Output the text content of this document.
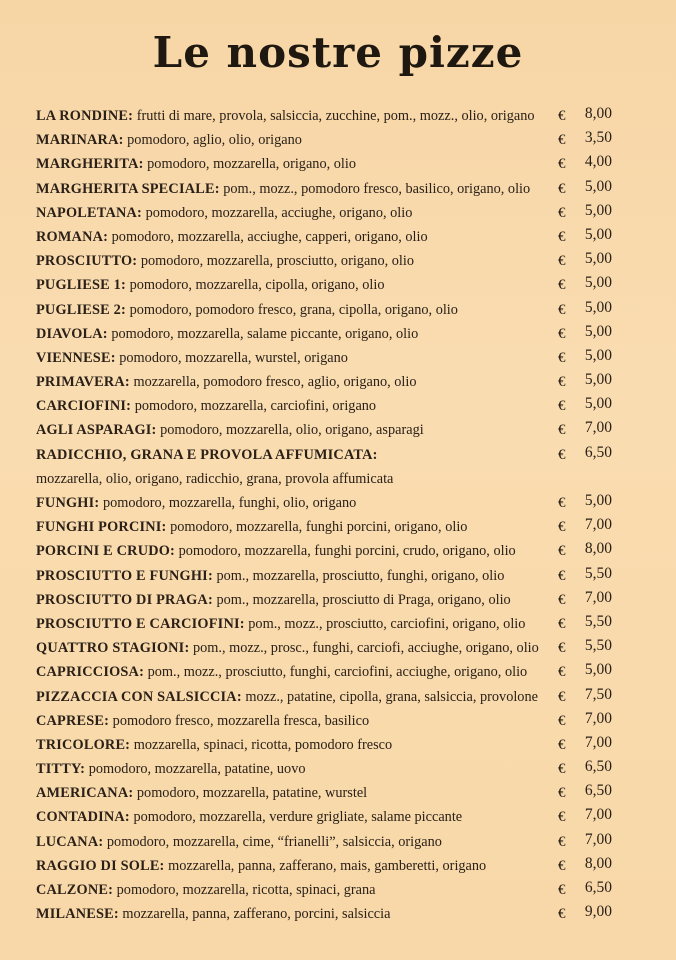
Le nostre pizze
LA RONDINE: frutti di mare, provola, salsiccia, zucchine, pom., mozz., olio, origano € 8,00
MARINARA: pomodoro, aglio, olio, origano	€ 3,50
MARGHERITA: pomodoro, mozzarella, origano, olio	€ 4,00
MARGHERITA SPECIALE: pom., mozz., pomodoro fresco, basilico, origano, olio € 5,00
NAPOLETANA: pomodoro, mozzarella, acciughe, origano, olio	€ 5,00
ROMANA: pomodoro, mozzarella, acciughe, capperi, origano, olio	€ 5,00
PROSCIUTTO: pomodoro, mozzarella, prosciutto, origano, olio	€ 5,00
PUGLIESE 1: pomodoro, mozzarella, cipolla, origano, olio	€ 5,00
PUGLIESE 2: pomodoro, pomodoro fresco, grana, cipolla, origano, olio	€ 5,00
DIAVOLA: pomodoro, mozzarella, salame piccante, origano, olio	€ 5,00
VIENNESE: pomodoro, mozzarella, wurstel, origano	€ 5,00
PRIMAVERA: mozzarella, pomodoro fresco, aglio, origano, olio	€ 5,00
CARCIOFINI: pomodoro, mozzarella, carciofini, origano	€ 5,00
AGLI ASPARAGI: pomodoro, mozzarella, olio, origano, asparagi	€ 7,00
RADICCHIO, GRANA E PROVOLA AFFUMICATA:	€ 6,50
mozzarella, olio, origano, radicchio, grana, provola affumicata
FUNGHI: pomodoro, mozzarella, funghi, olio, origano	€ 5,00
FUNGHI PORCINI: pomodoro, mozzarella, funghi porcini, origano, olio	€ 7,00
PORCINI E CRUDO: pomodoro, mozzarella, funghi porcini, crudo, origano, olio	€ 8,00
PROSCIUTTO E FUNGHI: pom., mozzarella, prosciutto, funghi, origano, olio	€ 5,50
PROSCIUTTO DI PRAGA: pom., mozzarella, prosciutto di Praga, origano, olio	€ 7,00
PROSCIUTTO E CARCIOFINI: pom., mozz., prosciutto, carciofini, origano, olio € 5,50
QUATTRO STAGIONI: pom., mozz., prosc., funghi, carciofi, acciughe, origano, olio € 5,50
CAPRICCIOSA: pom., mozz., prosciutto, funghi, carciofini, acciughe, origano, olio € 5,00
PIZZACCIA CON SALSICCIA: mozz., patatine, cipolla, grana, salsiccia, provolone € 7,50
CAPRESE: pomodoro fresco, mozzarella fresca, basilico	€ 7,00
TRICOLORE: mozzarella, spinaci, ricotta, pomodoro fresco	€ 7,00
TITTY: pomodoro, mozzarella, patatine, uovo	€ 6,50
AMERICANA: pomodoro, mozzarella, patatine, wurstel	€ 6,50
CONTADINA: pomodoro, mozzarella, verdure grigliate, salame piccante	€ 7,00
LUCANA: pomodoro, mozzarella, cime, “frianelli”, salsiccia, origano	€ 7,00
RAGGIO DI SOLE: mozzarella, panna, zafferano, mais, gamberetti, origano	€ 8,00
CALZONE: pomodoro, mozzarella, ricotta, spinaci, grana	€ 6,50
MILANESE: mozzarella, panna, zafferano, porcini, salsiccia	€ 9,00
